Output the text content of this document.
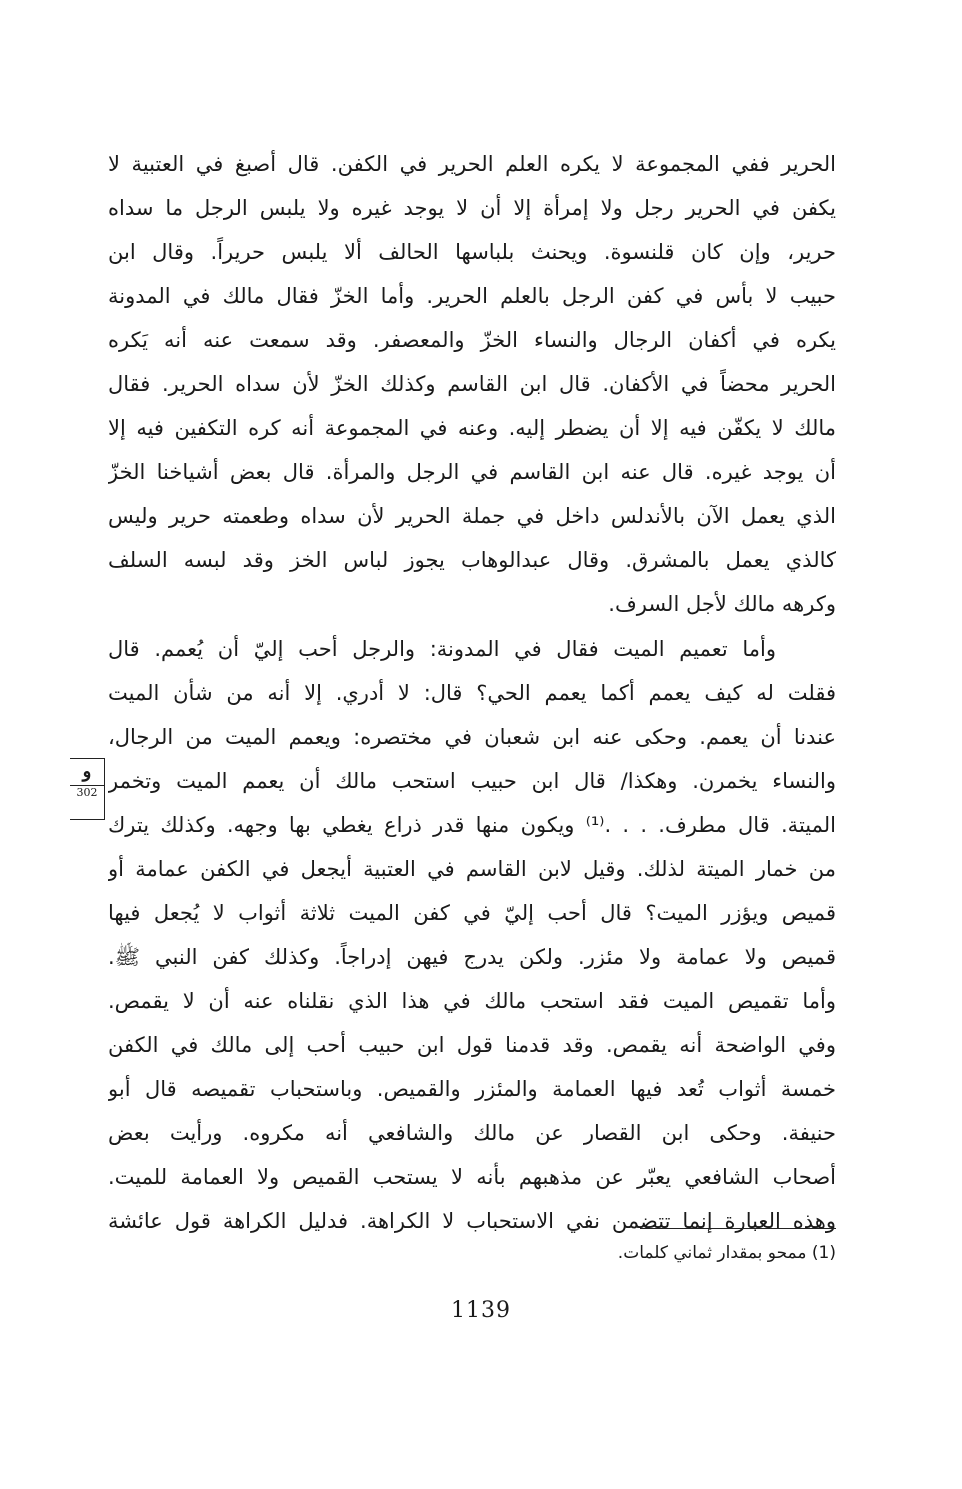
الحرير ففي المجموعة لا يكره العلم الحرير في الكفن. قال أصبغ في العتبية لا
يكفن في الحرير رجل ولا إمرأة إلا أن لا يوجد غيره ولا يلبس الرجل ما سداه
حرير، وإن كان قلنسوة. ويحنث بلباسها الحالف ألا يلبس حريراً. وقال ابن
حبيب لا بأس في كفن الرجل بالعلم الحرير. وأما الخزّ فقال مالك في المدونة
يكره في أكفان الرجال والنساء الخزّ والمعصفر. وقد سمعت عنه أنه يَكره
الحرير محضاً في الأكفان. قال ابن القاسم وكذلك الخزّ لأن سداه الحرير. فقال
مالك لا يكفّن فيه إلا أن يضطر إليه. وعنه في المجموعة أنه كره التكفين فيه إلا
أن يوجد غيره. قال عنه ابن القاسم في الرجل والمرأة. قال بعض أشياخنا الخزّ
الذي يعمل الآن بالأندلس داخل في جملة الحرير لأن سداه وطعمته حرير وليس
كالذي يعمل بالمشرق. وقال عبدالوهاب يجوز لباس الخز وقد لبسه السلف
وكرهه مالك لأجل السرف.
وأما تعميم الميت فقال في المدونة: والرجل أحب إليّ أن يُعمم. قال
فقلت له كيف يعمم أكما يعمم الحي؟ قال: لا أدري. إلا أنه من شأن الميت
عندنا أن يعمم. وحكى عنه ابن شعبان في مختصره: ويعمم الميت من الرجال،
والنساء يخمرن. وهكذا/ قال ابن حبيب استحب مالك أن يعمم الميت وتخمر
الميتة. قال مطرف. . . .⁽¹⁾ ويكون منها قدر ذراع يغطي بها وجهه. وكذلك يترك
من خمار الميتة لذلك. وقيل لابن القاسم في العتبية أيجعل في الكفن عمامة أو
قميص ويؤزر الميت؟ قال أحب إليّ في كفن الميت ثلاثة أثواب لا يُجعل فيها
قميص ولا عمامة ولا مئزر. ولكن يدرج فيهن إدراجاً. وكذلك كفن النبي ﷺ.
وأما تقميص الميت فقد استحب مالك في هذا الذي نقلناه عنه أن لا يقمص.
وفي الواضحة أنه يقمص. وقد قدمنا قول ابن حبيب أحب إلى مالك في الكفن
خمسة أثواب تُعد فيها العمامة والمئزر والقميص. وباستحباب تقميصه قال أبو
حنيفة. وحكى ابن القصار عن مالك والشافعي أنه مكروه. ورأيت بعض
أصحاب الشافعي يعبّر عن مذهبهم بأنه لا يستحب القميص ولا العمامة للميت.
وهذه العبارة إنما تتضمن نفي الاستحباب لا الكراهة. فدليل الكراهة قول عائشة
و
302
(1) ممحو بمقدار ثماني كلمات.
1139
